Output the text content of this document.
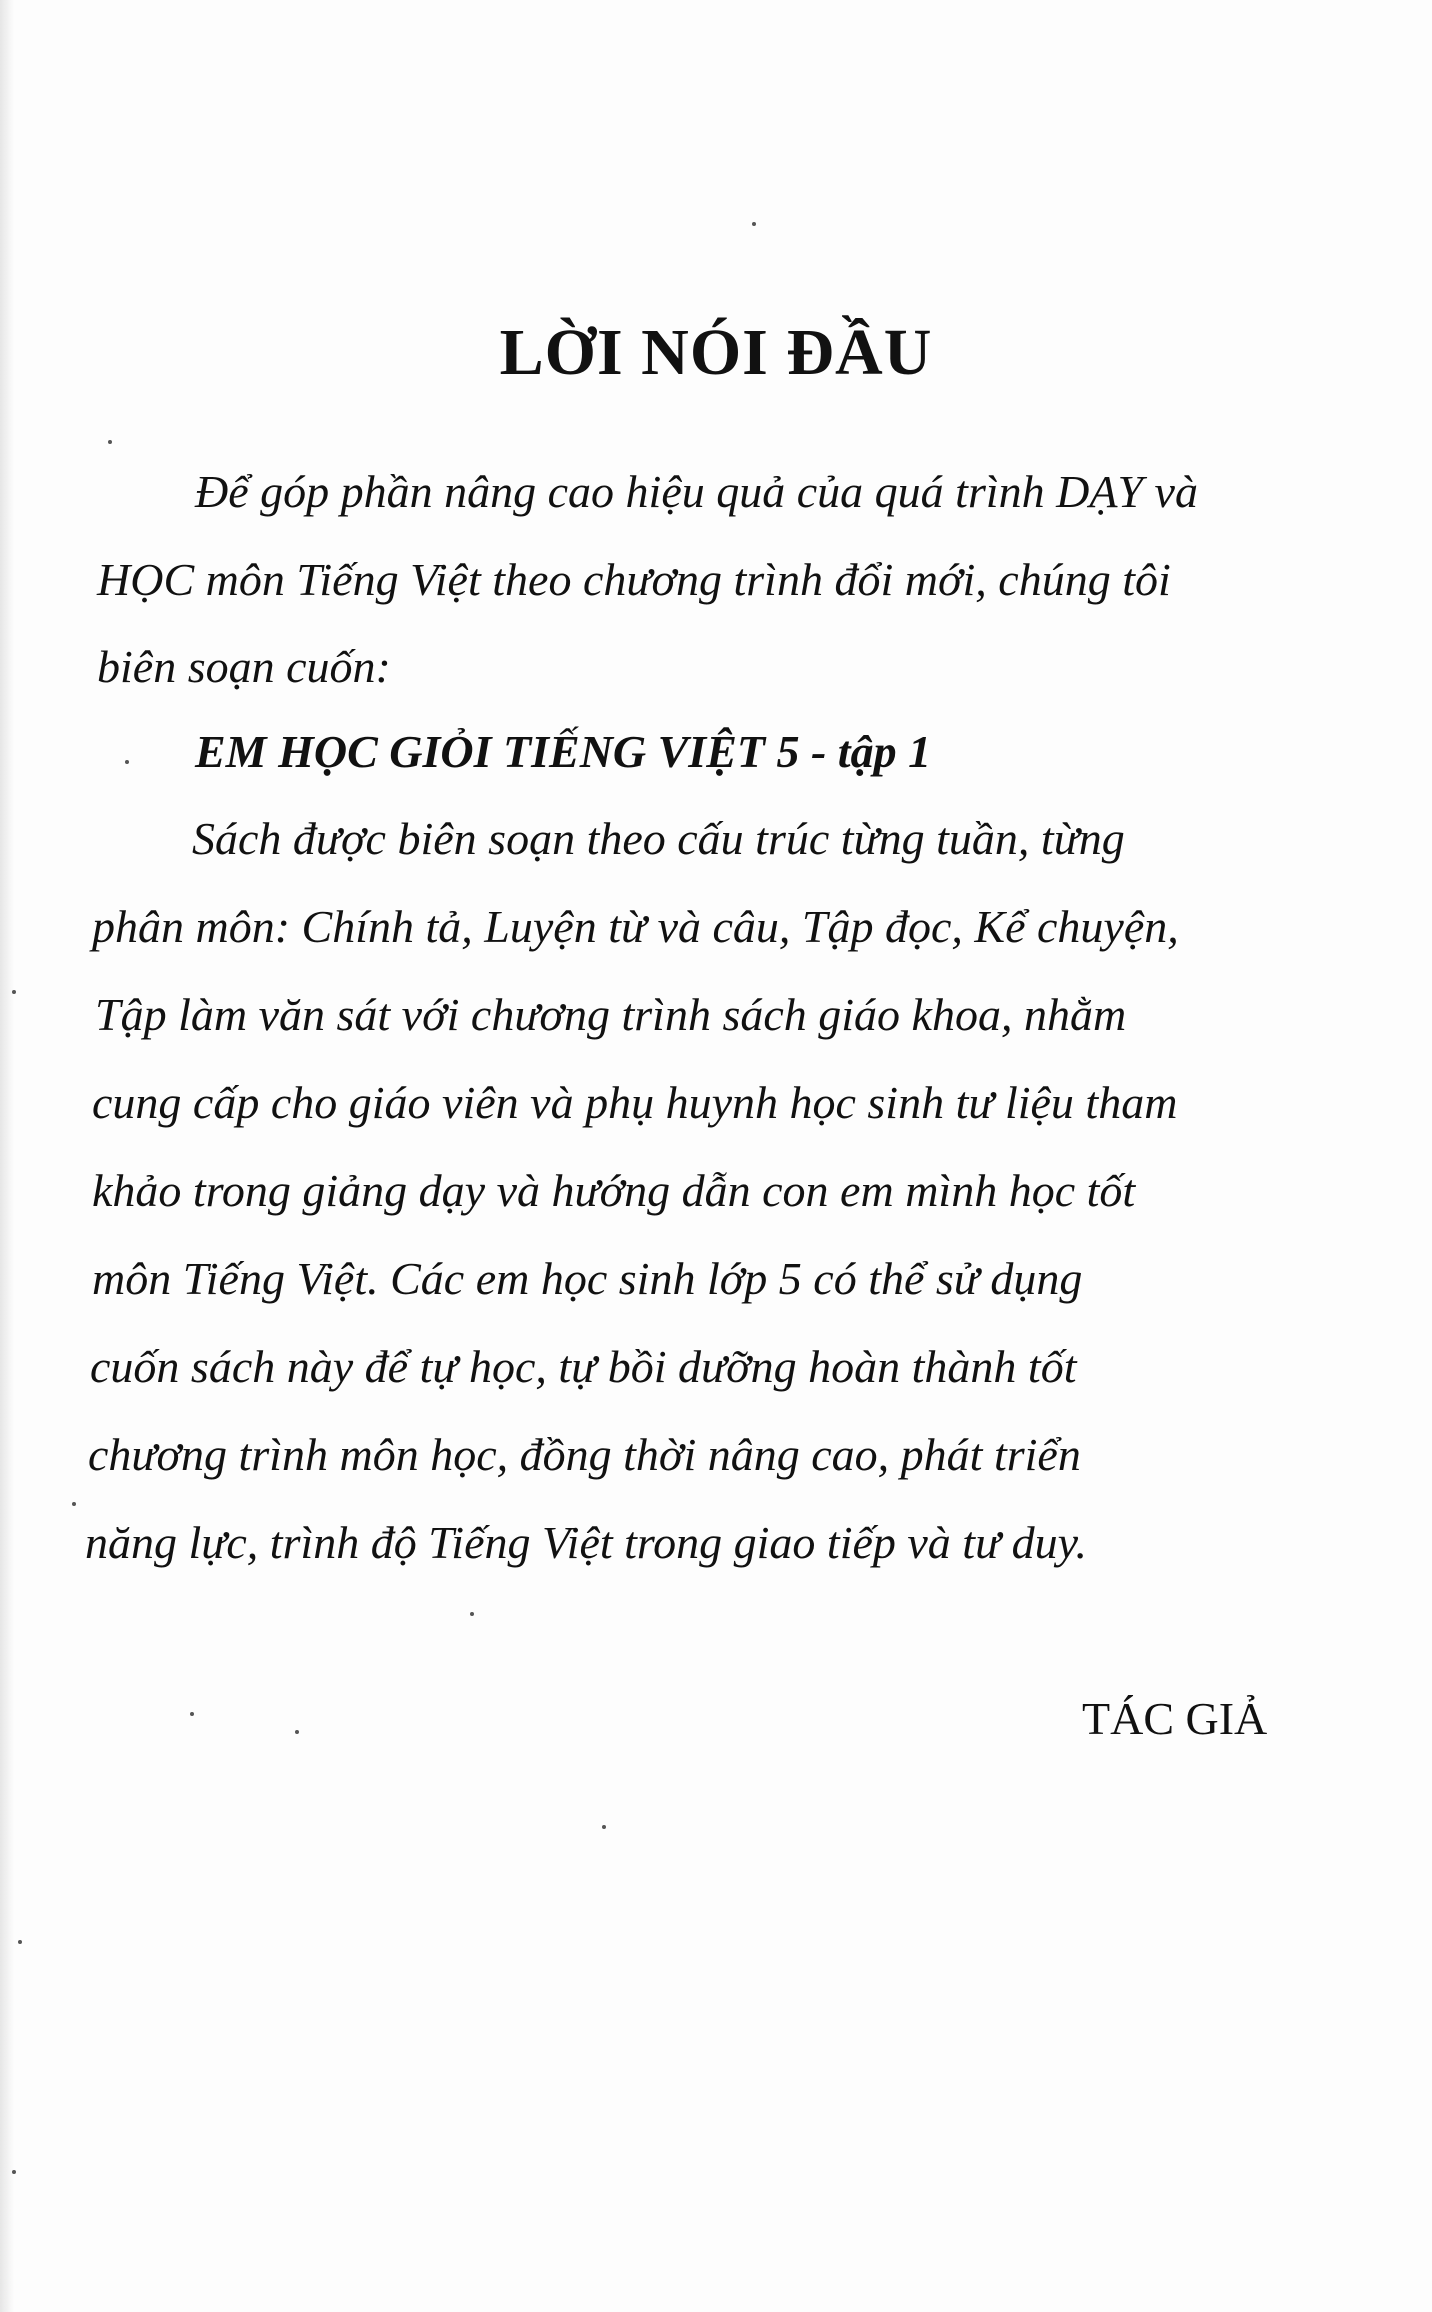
LỜI NÓI ĐẦU
Để góp phần nâng cao hiệu quả của quá trình DẠY và
HỌC môn Tiếng Việt theo chương trình đổi mới, chúng tôi
biên soạn cuốn:
EM HỌC GIỎI TIẾNG VIỆT 5 - tập 1
Sách được biên soạn theo cấu trúc từng tuần, từng
phân môn: Chính tả, Luyện từ và câu, Tập đọc, Kể chuyện,
Tập làm văn sát với chương trình sách giáo khoa, nhằm
cung cấp cho giáo viên và phụ huynh học sinh tư liệu tham
khảo trong giảng dạy và hướng dẫn con em mình học tốt
môn Tiếng Việt. Các em học sinh lớp 5 có thể sử dụng
cuốn sách này để tự học, tự bồi dưỡng hoàn thành tốt
chương trình môn học, đồng thời nâng cao, phát triển
năng lực, trình độ Tiếng Việt trong giao tiếp và tư duy.
TÁC GIẢ
